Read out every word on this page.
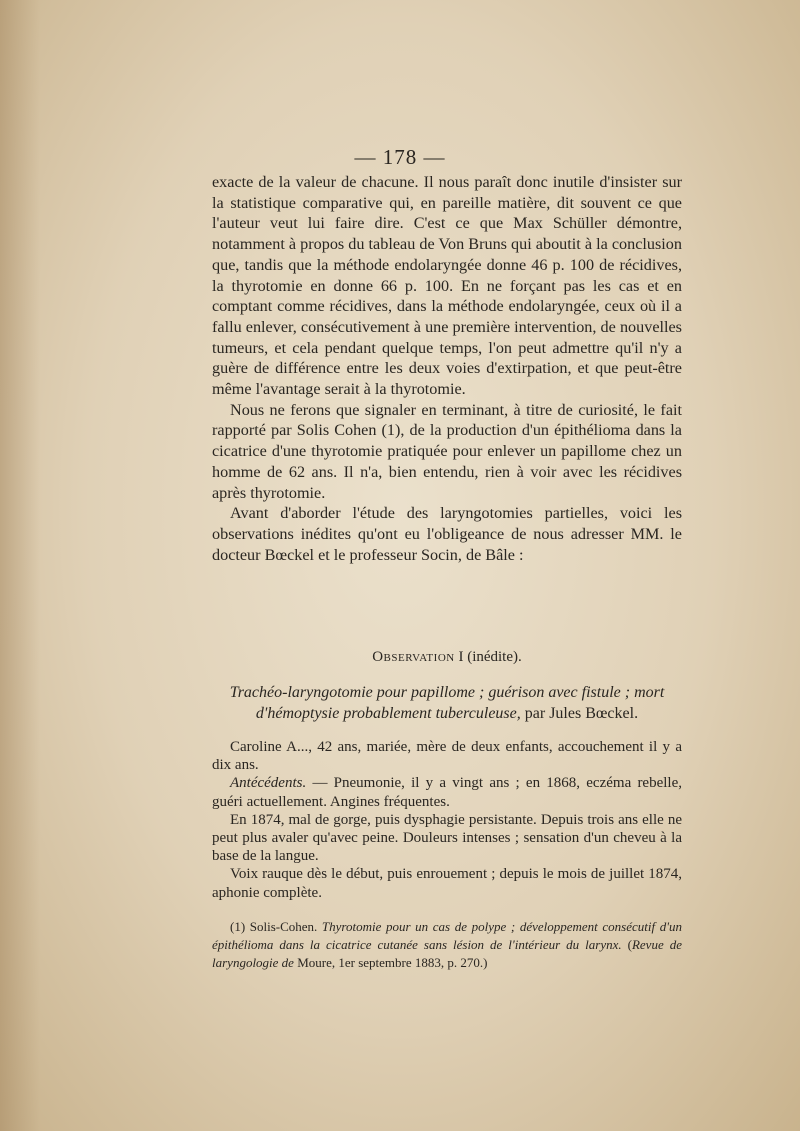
— 178 —

exacte de la valeur de chacune. Il nous paraît donc inutile d'insister sur la statistique comparative qui, en pareille matière, dit souvent ce que l'auteur veut lui faire dire. C'est ce que Max Schüller démontre, notamment à propos du tableau de Von Bruns qui aboutit à la conclusion que, tandis que la méthode endolaryngée donne 46 p. 100 de récidives, la thyrotomie en donne 66 p. 100. En ne forçant pas les cas et en comptant comme récidives, dans la méthode endolaryngée, ceux où il a fallu enlever, consécutivement à une première intervention, de nouvelles tumeurs, et cela pendant quelque temps, l'on peut admettre qu'il n'y a guère de différence entre les deux voies d'extirpation, et que peut-être même l'avantage serait à la thyrotomie.

Nous ne ferons que signaler en terminant, à titre de curiosité, le fait rapporté par Solis Cohen (1), de la production d'un épithélioma dans la cicatrice d'une thyrotomie pratiquée pour enlever un papillome chez un homme de 62 ans. Il n'a, bien entendu, rien à voir avec les récidives après thyrotomie.

Avant d'aborder l'étude des laryngotomies partielles, voici les observations inédites qu'ont eu l'obligeance de nous adresser MM. le docteur Bœckel et le professeur Socin, de Bâle :

Observation I (inédite).
Trachéo-laryngotomie pour papillome ; guérison avec fistule ; mort d'hémoptysie probablement tuberculeuse, par Jules Bœckel.

Caroline A..., 42 ans, mariée, mère de deux enfants, accouchement il y a dix ans.

Antécédents. — Pneumonie, il y a vingt ans ; en 1868, eczéma rebelle, guéri actuellement. Angines fréquentes.

En 1874, mal de gorge, puis dysphagie persistante. Depuis trois ans elle ne peut plus avaler qu'avec peine. Douleurs intenses ; sensation d'un cheveu à la base de la langue.

Voix rauque dès le début, puis enrouement ; depuis le mois de juillet 1874, aphonie complète.

(1) Solis-Cohen. Thyrotomie pour un cas de polype ; développement consécutif d'un épithélioma dans la cicatrice cutanée sans lésion de l'intérieur du larynx. (Revue de laryngologie de Moure, 1er septembre 1883, p. 270.)
